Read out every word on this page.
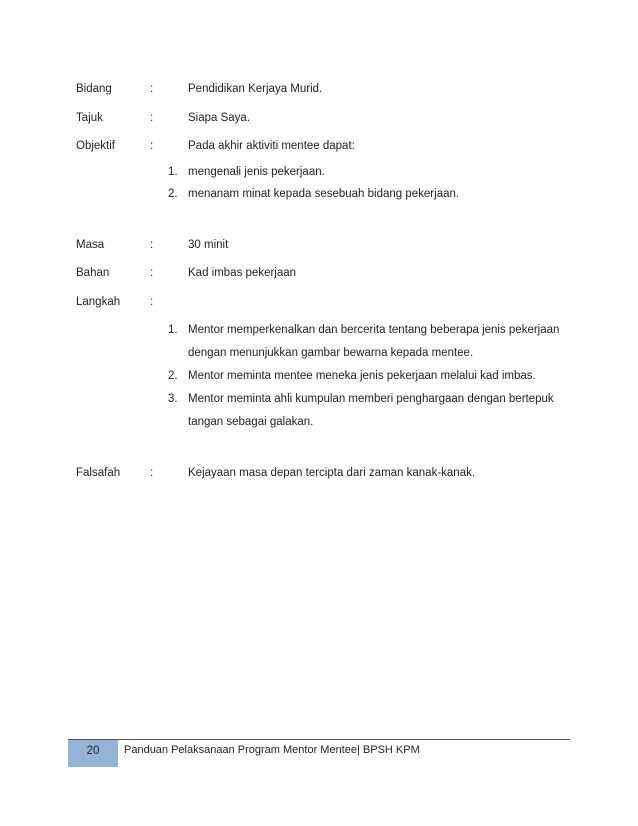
Bidang	:	Pendidikan Kerjaya Murid.
Tajuk	:	Siapa Saya.
Objektif	:	Pada akhir aktiviti mentee dapat:
1. mengenali jenis pekerjaan.
2. menanam minat kepada sesebuah bidang pekerjaan.
Masa	:	30 minit
Bahan	:	Kad imbas pekerjaan
Langkah	:
1. Mentor memperkenalkan dan bercerita tentang beberapa jenis pekerjaan
dengan menunjukkan gambar bewarna kepada mentee.
2. Mentor meminta mentee meneka jenis pekerjaan melalui kad imbas.
3. Mentor meminta ahli kumpulan memberi penghargaan dengan bertepuk
tangan sebagai galakan.
Falsafah	:	Kejayaan masa depan tercipta dari zaman kanak-kanak.
20	Panduan Pelaksanaan Program Mentor Mentee| BPSH KPM
